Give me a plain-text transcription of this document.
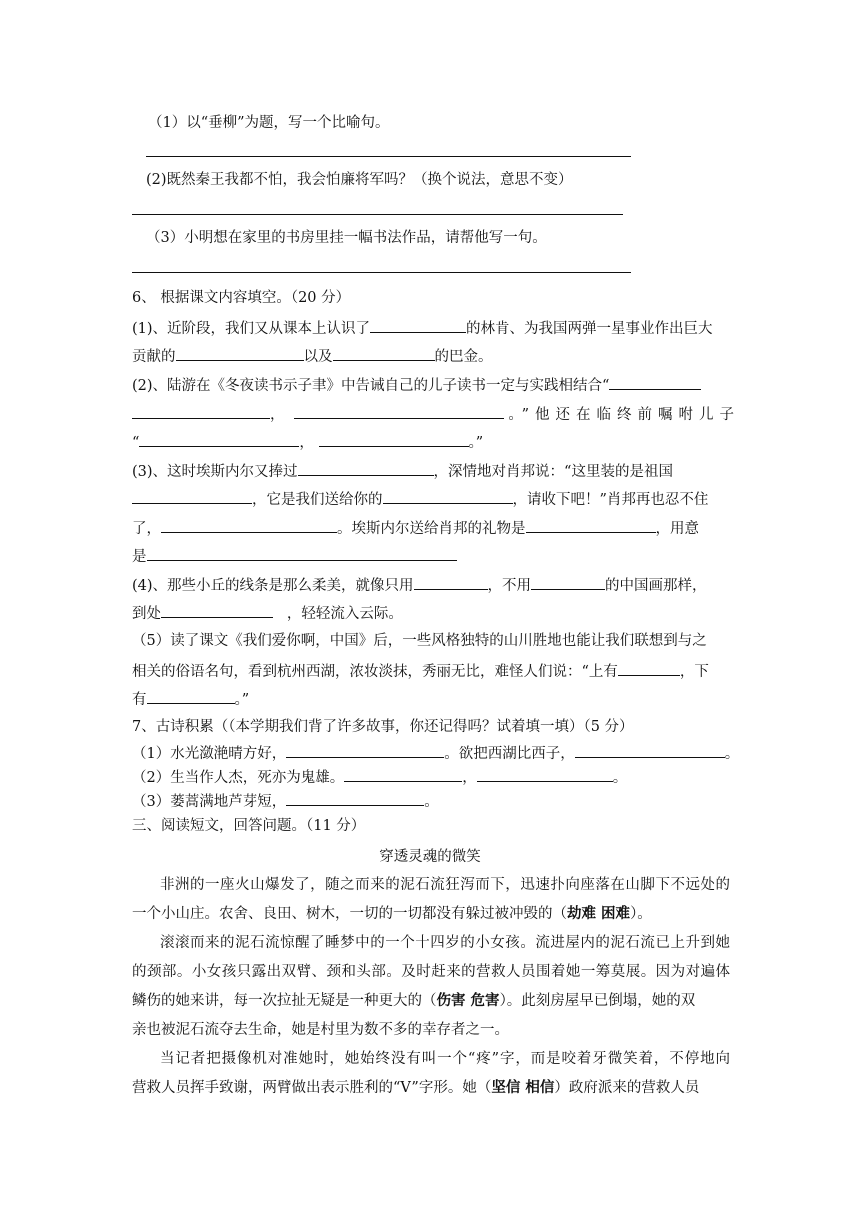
（1）以“垂柳”为题，写一个比喻句。
(2)既然秦王我都不怕，我会怕廉将军吗？（换个说法，意思不变）
（3）小明想在家里的书房里挂一幅书法作品，请帮他写一句。
6、 根据课文内容填空。（20 分）
(1)、近阶段，我们又从课本上认识了	的林肯、为我国两弹一星事业作出巨大
贡献的	以及	的巴金。
(2)、陆游在《冬夜读书示子聿》中告诫自己的儿子读书一定与实践相结合“
，	。”他还在临终前嘱咐儿子
“	，	。”
(3)、这时埃斯内尔又捧过	，深情地对肖邦说：“这里装的是祖国
，它是我们送给你的	，请收下吧！”肖邦再也忍不住
了，	。埃斯内尔送给肖邦的礼物是	，用意
是
(4)、那些小丘的线条是那么柔美，就像只用	，不用	的中国画那样，
到处	，轻轻流入云际。
（5）读了课文《我们爱你啊，中国》后，一些风格独特的山川胜地也能让我们联想到与之
相关的俗语名句，看到杭州西湖，浓妆淡抹，秀丽无比，难怪人们说：“上有	，下
有	。”
7、古诗积累（（本学期我们背了许多故事，你还记得吗？试着填一填）（5 分）
（1）水光潋滟晴方好，	。欲把西湖比西子，	。
（2）生当作人杰，死亦为鬼雄。	，	。
（3）蒌蒿满地芦芽短，	。
三、阅读短文，回答问题。（11 分）
穿透灵魂的微笑
非洲的一座火山爆发了，随之而来的泥石流狂泻而下，迅速扑向座落在山脚下不远处的
一个小山庄。农舍、良田、树木，一切的一切都没有躲过被冲毁的（劫难 困难）。
滚滚而来的泥石流惊醒了睡梦中的一个十四岁的小女孩。流进屋内的泥石流已上升到她
的颈部。小女孩只露出双臂、颈和头部。及时赶来的营救人员围着她一筹莫展。因为对遍体
鳞伤的她来讲，每一次拉扯无疑是一种更大的（伤害 危害）。此刻房屋早已倒塌，她的双
亲也被泥石流夺去生命，她是村里为数不多的幸存者之一。
当记者把摄像机对准她时，她始终没有叫一个“疼”字，而是咬着牙微笑着，不停地向
营救人员挥手致谢，两臂做出表示胜利的“V”字形。她（坚信 相信）政府派来的营救人员
